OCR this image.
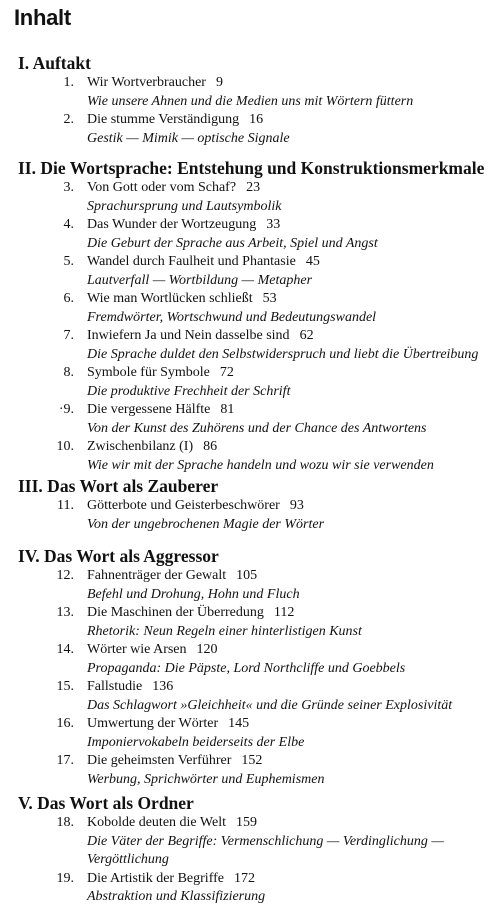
Inhalt
I. Auftakt
1. Wir Wortverbraucher 9
Wie unsere Ahnen und die Medien uns mit Wörtern füttern
2. Die stumme Verständigung 16
Gestik — Mimik — optische Signale
II. Die Wortsprache: Entstehung und Konstruktionsmerkmale
3. Von Gott oder vom Schaf? 23
Sprachursprung und Lautsymbolik
4. Das Wunder der Wortzeugung 33
Die Geburt der Sprache aus Arbeit, Spiel und Angst
5. Wandel durch Faulheit und Phantasie 45
Lautverfall — Wortbildung — Metapher
6. Wie man Wortlücken schließt 53
Fremdwörter, Wortschwund und Bedeutungswandel
7. Inwiefern Ja und Nein dasselbe sind 62
Die Sprache duldet den Selbstwiderspruch und liebt die Übertreibung
8. Symbole für Symbole 72
Die produktive Frechheit der Schrift
·9. Die vergessene Hälfte 81
Von der Kunst des Zuhörens und der Chance des Antwortens
10. Zwischenbilanz (I) 86
Wie wir mit der Sprache handeln und wozu wir sie verwenden
III. Das Wort als Zauberer
11. Götterbote und Geisterbeschwörer 93
Von der ungebrochenen Magie der Wörter
IV. Das Wort als Aggressor
12. Fahnenträger der Gewalt 105
Befehl und Drohung, Hohn und Fluch
13. Die Maschinen der Überredung 112
Rhetorik: Neun Regeln einer hinterlistigen Kunst
14. Wörter wie Arsen 120
Propaganda: Die Päpste, Lord Northcliffe und Goebbels
15. Fallstudie 136
Das Schlagwort »Gleichheit« und die Gründe seiner Explosivität
16. Umwertung der Wörter 145
Imponiervokabeln beiderseits der Elbe
17. Die geheimsten Verführer 152
Werbung, Sprichwörter und Euphemismen
V. Das Wort als Ordner
18. Kobolde deuten die Welt 159
Die Väter der Begriffe: Vermenschlichung — Verdinglichung — Vergöttlichung
19. Die Artistik der Begriffe 172
Abstraktion und Klassifizierung
